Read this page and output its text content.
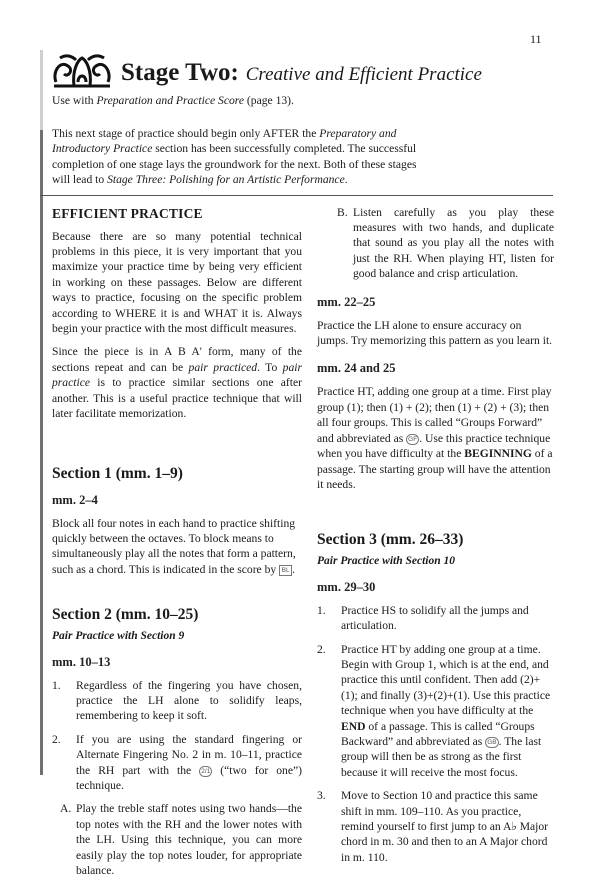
11
Stage Two: Creative and Efficient Practice
Use with Preparation and Practice Score (page 13).
This next stage of practice should begin only AFTER the Preparatory and Introductory Practice section has been successfully completed. The successful completion of one stage lays the groundwork for the next. Both of these stages will lead to Stage Three: Polishing for an Artistic Performance.
EFFICIENT PRACTICE

Because there are so many potential technical problems in this piece, it is very important that you maximize your practice time by being very efficient in working on these passages. Below are different ways to practice, focusing on the specific problem according to WHERE it is and WHAT it is. Always begin your practice with the most difficult measures.

Since the piece is in A B A' form, many of the sections repeat and can be pair practiced. To pair practice is to practice similar sections one after another. This is a useful practice technique that will later facilitate memorization.

Section 1 (mm. 1–9)
mm. 2–4

Block all four notes in each hand to practice shifting quickly between the octaves. To block means to simultaneously play all the notes that form a pattern, such as a chord. This is indicated in the score by BL .

Section 2 (mm. 10–25)
Pair Practice with Section 9
mm. 10–13
1. Regardless of the fingering you have chosen, practice the LH alone to solidify leaps, remembering to keep it soft.
2. If you are using the standard fingering or Alternate Fingering No. 2 in m. 10–11, practice the RH part with the 2/1 (“two for one”) technique.
A. Play the treble staff notes using two hands—the top notes with the RH and the lower notes with the LH. Using this technique, you can more easily play the top notes louder, for appropriate balance.
B. Listen carefully as you play these measures with two hands, and duplicate that sound as you play all the notes with just the RH. When playing HT, listen for good balance and crisp articulation.
mm. 22–25

Practice the LH alone to ensure accuracy on jumps. Try memorizing this pattern as you learn it.

mm. 24 and 25

Practice HT, adding one group at a time. First play group (1); then (1) + (2); then (1) + (2) + (3); then all four groups. This is called “Groups Forward” and abbreviated as GF . Use this practice technique when you have difficulty at the BEGINNING of a passage. The starting group will have the attention it needs.

Section 3 (mm. 26–33)
Pair Practice with Section 10
mm. 29–30
1. Practice HS to solidify all the jumps and articulation.
2. Practice HT by adding one group at a time. Begin with Group 1, which is at the end, and practice this until confident. Then add (2)+(1); and finally (3)+(2)+(1). Use this practice technique when you have difficulty at the END of a passage. This is called “Groups Backward” and abbreviated as GB . The last group will then be as strong as the first because it will receive the most focus.
3. Move to Section 10 and practice this same shift in mm. 109–110. As you practice, remind yourself to first jump to an A♭ Major chord in m. 30 and then to an A Major chord in m. 110.
